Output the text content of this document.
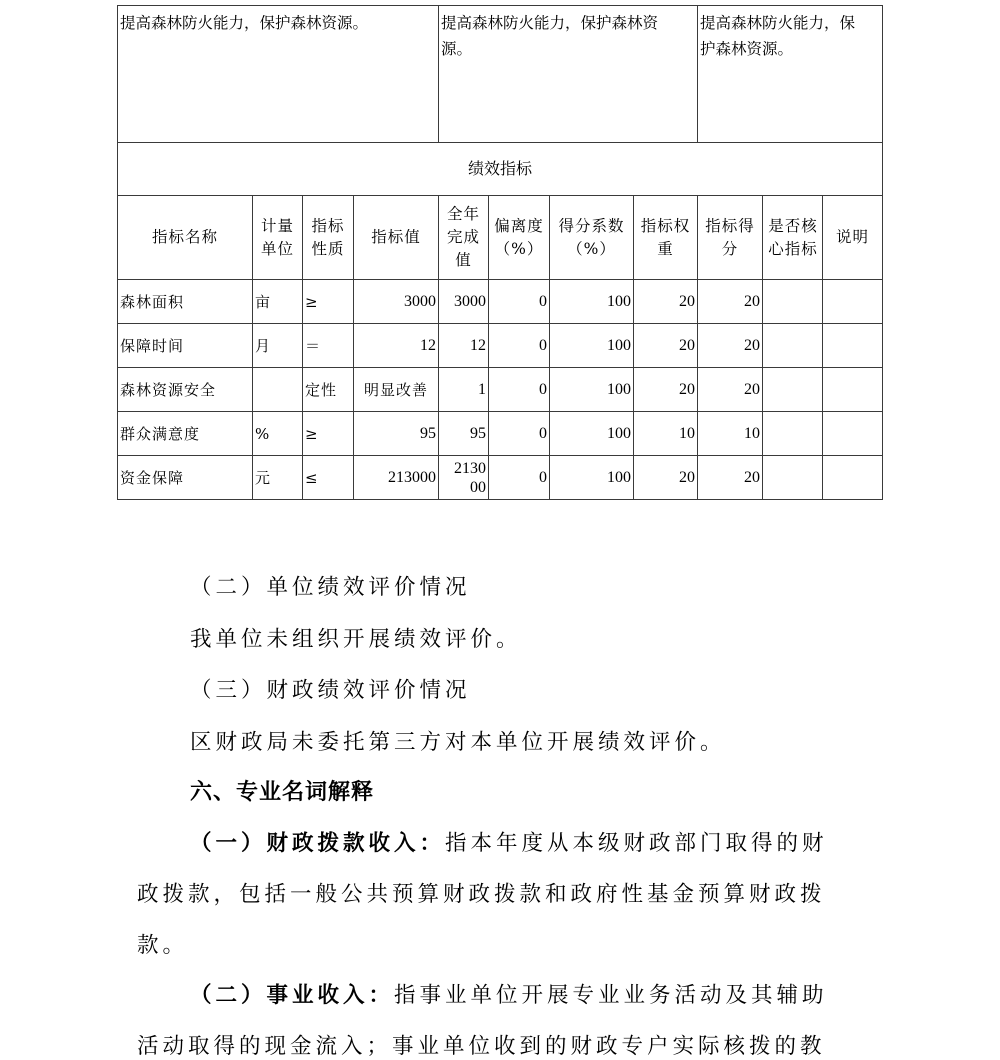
提高森林防火能力，保护森林资源。				提高森林防火能力，保护森林资源。				提高森林防火能力，保护森林资源。		

绩效指标										
指标名称	计量单位	指标性质	指标值	全年完成值	偏离度（%）	得分系数（%）	指标权重	指标得分	是否核心指标	说明
森林面积	亩	≥	3000	3000	0	100	20	20		
保障时间	月	＝	12	12	0	100	20	20		
森林资源安全		定性	明显改善	1	0	100	20	20		
群众满意度	%	≥	95	95	0	100	10	10		
资金保障	元	≤	213000	213000	0	100	20	20		
（二）单位绩效评价情况
我单位未组织开展绩效评价。
（三）财政绩效评价情况
区财政局未委托第三方对本单位开展绩效评价。
六、专业名词解释
（一）财政拨款收入：指本年度从本级财政部门取得的财
政拨款，包括一般公共预算财政拨款和政府性基金预算财政拨
款。
（二）事业收入：指事业单位开展专业业务活动及其辅助
活动取得的现金流入；事业单位收到的财政专户实际核拨的教
